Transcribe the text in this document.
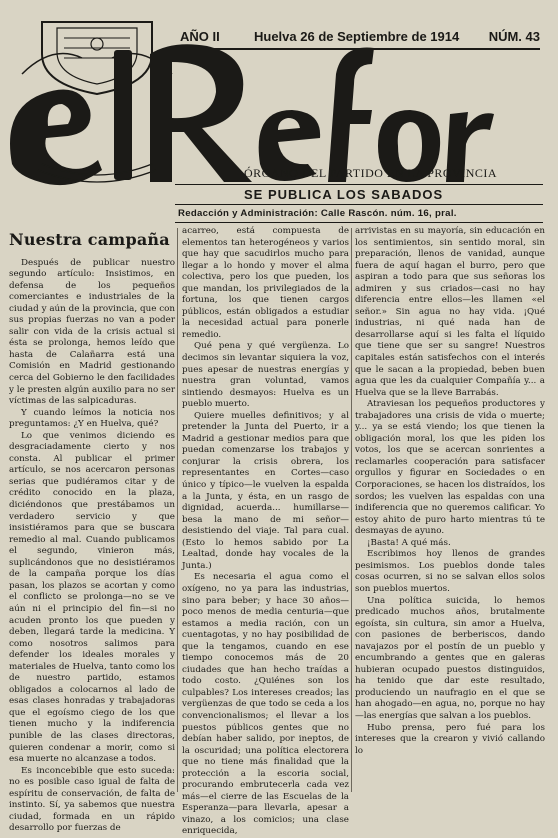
AÑO II	Huelva 26 de Septiembre de 1914 NÚM. 43
ÓRGANO DEL PARTIDO EN LA PROVINCIA
SE PUBLICA LOS SABADOS
Redacción y Administración: Calle Rascón. núm. 16, pral.
Nuestra campaña

Después de publicar nuestro segundo artículo: Insistimos, en defensa de los pequeños comerciantes e industriales de la ciudad y aún de la provincia, que con sus propias fuerzas no van a poder salir con vida de la crisis actual si ésta se prolonga, hemos leído que hasta de Calañarra está una Comisión en Madrid gestionando cerca del Gobierno le den facilidades y le presten algún auxilio para no ser víctimas de las salpicaduras.

Y cuando leímos la noticia nos preguntamos: ¿Y en Huelva, qué?

Lo que venimos diciendo es desgraciadamente cierto y nos consta. Al publicar el primer artículo, se nos acercaron personas serias que pudiéramos citar y de crédito conocido en la plaza, diciéndonos que prestábamos un verdadero servicio y que insistiéramos para que se buscara remedio al mal. Cuando publicamos el segundo, vinieron más, suplicándonos que no desistiéramos de la campaña porque los días pasan, los plazos se acortan y como el conflicto se prolonga—no se ve aún ni el principio del fin—si no acuden pronto los que pueden y deben, llegará tarde la medicina. Y como nosotros salimos para defender los ideales morales y materiales de Huelva, tanto como los de nuestro partido, estamos obligados a colocarnos al lado de esas clases honradas y trabajadoras que el egoísmo ciego de los que tienen mucho y la indiferencia punible de las clases directoras, quieren condenar a morir, como si esa muerte no alcanzase a todos.

Es inconcebible que esto suceda: no es posible caso igual de falta de espíritu de conservación, de falta de instinto. Sí, ya sabemos que nuestra ciudad, formada en un rápido desarrollo por fuerzas de

acarreo, está compuesta de elementos tan heterogéneos y varios que hay que sacudirlos mucho para llegar a lo hondo y mover el alma colectiva, pero los que pueden, los que mandan, los privilegiados de la fortuna, los que tienen cargos públicos, están obligados a estudiar la necesidad actual para ponerle remedio.

Qué pena y qué vergüenza. Lo decimos sin levantar siquiera la voz, pues apesar de nuestras energías y nuestra gran voluntad, vamos sintiendo desmayos: Huelva es un pueblo muerto.

Quiere muelles definitivos; y al pretender la Junta del Puerto, ir a Madrid a gestionar medios para que puedan comenzarse los trabajos y conjurar la crisis obrera, los representantes en Cortes—caso único y típico—le vuelven la espalda a la Junta, y ésta, en un rasgo de dignidad, acuerda... humillarse—besa la mano de mi señor—desistiendo del viaje. Tal para cual. (Esto lo hemos sabido por La Lealtad, donde hay vocales de la Junta.)

Es necesaria el agua como el oxígeno, no ya para las industrias, sino para beber; y hace 30 años—poco menos de media centuria—que estamos a media ración, con un cuentagotas, y no hay posibilidad de que la tengamos, cuando en ese tiempo conocemos más de 20 ciudades que han hecho traídas a todo costo. ¿Quiénes son los culpables? Los intereses creados; las vergüenzas de que todo se ceda a los convencionalismos; el llevar a los puestos públicos gentes que no debían haber salido, por ineptos, de la oscuridad; una política electorera que no tiene más finalidad que la protección a la escoria social, procurando embrutecerla cada vez más—el cierre de las Escuelas de la Esperanza—para llevarla, apesar a vinazo, a los comicios; una clase enriquecida,

arrivistas en su mayoría, sin educación en los sentimientos, sin sentido moral, sin preparación, llenos de vanidad, aunque fuera de aquí hagan el burro, pero que aspiran a todo para que sus señoras los admiren y sus criados—casi no hay diferencia entre ellos—les llamen «el señor.» Sin agua no hay vida. ¡Qué industrias, ni qué nada han de desarrollarse aquí si les falta el líquido que tiene que ser su sangre! Nuestros capitales están satisfechos con el interés que le sacan a la propiedad, beben buen agua que les da cualquier Compañía y... a Huelva que se la lleve Barrabás.

Atraviesan los pequeños productores y trabajadores una crisis de vida o muerte; y... ya se está viendo; los que tienen la obligación moral, los que les piden los votos, los que se acercan sonrientes a reclamarles cooperación para satisfacer orgullos y figurar en Sociedades o en Corporaciones, se hacen los distraídos, los sordos; les vuelven las espaldas con una indiferencia que no queremos calificar. Yo estoy ahito de puro harto mientras tú te desmayas de ayuno.

¡Basta! A qué más.

Escribimos hoy llenos de grandes pesimismos. Los pueblos donde tales cosas ocurren, si no se salvan ellos solos son pueblos muertos.

Una política suicida, lo hemos predicado muchos años, brutalmente egoísta, sin cultura, sin amor a Huelva, con pasiones de berberiscos, dando navajazos por el postín de un pueblo y encumbrando a gentes que en galeras hubieran ocupado puestos distinguidos, ha tenido que dar este resultado, produciendo un naufragio en el que se han ahogado—en agua, no, porque no hay—las energías que salvan a los pueblos.

Hubo prensa, pero fué para los intereses que la crearon y vivió callando lo
